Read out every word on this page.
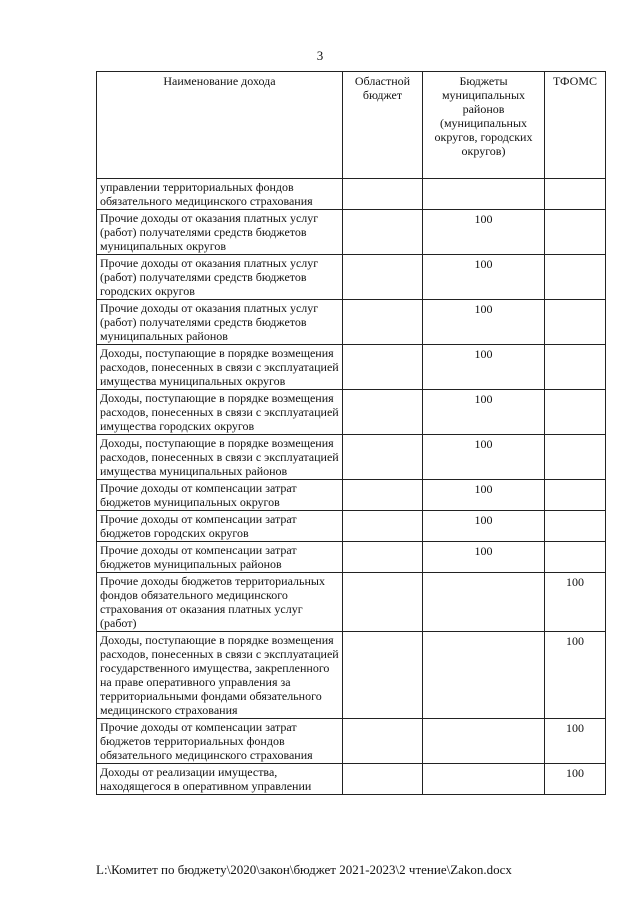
3
Наименование дохода	Областной бюджет	Бюджеты муниципальных районов (муниципальных округов, городских округов)	ТФОМС
управлении территориальных фондов обязательного медицинского страхования			
Прочие доходы от оказания платных услуг (работ) получателями средств бюджетов муниципальных округов		100	
Прочие доходы от оказания платных услуг (работ) получателями средств бюджетов городских округов		100	
Прочие доходы от оказания платных услуг (работ) получателями средств бюджетов муниципальных районов		100	
Доходы, поступающие в порядке возмещения расходов, понесенных в связи с эксплуатацией имущества муниципальных округов		100	
Доходы, поступающие в порядке возмещения расходов, понесенных в связи с эксплуатацией имущества городских округов		100	
Доходы, поступающие в порядке возмещения расходов, понесенных в связи с эксплуатацией имущества муниципальных районов		100	
Прочие доходы от компенсации затрат бюджетов муниципальных округов		100	
Прочие доходы от компенсации затрат бюджетов городских округов		100	
Прочие доходы от компенсации затрат бюджетов муниципальных районов		100	
Прочие доходы бюджетов территориальных фондов обязательного медицинского страхования от оказания платных услуг (работ)			100
Доходы, поступающие в порядке возмещения расходов, понесенных в связи с эксплуатацией государственного имущества, закрепленного на праве оперативного управления за территориальными фондами обязательного медицинского страхования			100
Прочие доходы от компенсации затрат бюджетов территориальных фондов обязательного медицинского страхования			100
Доходы от реализации имущества, находящегося в оперативном управлении			100
L:\Комитет по бюджету\2020\закон\бюджет 2021-2023\2 чтение\Zakon.docx
